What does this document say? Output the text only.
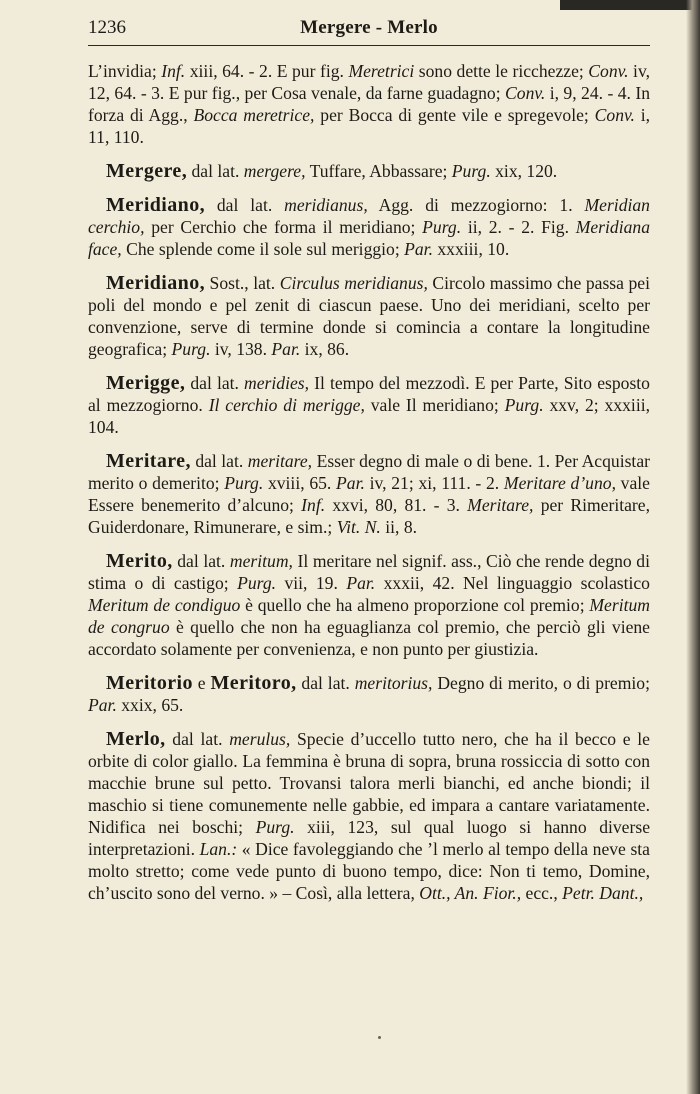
1236	Mergere - Merlo

L’invidia; Inf. xiii, 64. - 2. E pur fig. Meretrici sono dette le ricchezze; Conv. iv, 12, 64. - 3. E pur fig., per Cosa venale, da farne guadagno; Conv. i, 9, 24. - 4. In forza di Agg., Bocca meretrice, per Bocca di gente vile e spregevole; Conv. i, 11, 110.

Mergere, dal lat. mergere, Tuffare, Abbassare; Purg. xix, 120.

Meridiano, dal lat. meridianus, Agg. di mezzogiorno: 1. Meridian cerchio, per Cerchio che forma il meridiano; Purg. ii, 2. - 2. Fig. Meridiana face, Che splende come il sole sul meriggio; Par. xxxiii, 10.

Meridiano, Sost., lat. Circulus meridianus, Circolo massimo che passa pei poli del mondo e pel zenit di ciascun paese. Uno dei meridiani, scelto per convenzione, serve di termine donde si comincia a contare la longitudine geografica; Purg. iv, 138. Par. ix, 86.

Merigge, dal lat. meridies, Il tempo del mezzodì. E per Parte, Sito esposto al mezzogiorno. Il cerchio di merigge, vale Il meridiano; Purg. xxv, 2; xxxiii, 104.

Meritare, dal lat. meritare, Esser degno di male o di bene. 1. Per Acquistar merito o demerito; Purg. xviii, 65. Par. iv, 21; xi, 111. - 2. Meritare d’uno, vale Essere benemerito d’alcuno; Inf. xxvi, 80, 81. - 3. Meritare, per Rimeritare, Guiderdonare, Rimunerare, e sim.; Vit. N. ii, 8.

Merito, dal lat. meritum, Il meritare nel signif. ass., Ciò che rende degno di stima o di castigo; Purg. vii, 19. Par. xxxii, 42. Nel linguaggio scolastico Meritum de condiguo è quello che ha almeno proporzione col premio; Meritum de congruo è quello che non ha eguaglianza col premio, che perciò gli viene accordato solamente per convenienza, e non punto per giustizia.

Meritorio e Meritoro, dal lat. meritorius, Degno di merito, o di premio; Par. xxix, 65.

Merlo, dal lat. merulus, Specie d’uccello tutto nero, che ha il becco e le orbite di color giallo. La femmina è bruna di sopra, bruna rossiccia di sotto con macchie brune sul petto. Trovansi talora merli bianchi, ed anche biondi; il maschio si tiene comunemente nelle gabbie, ed impara a cantare variatamente. Nidifica nei boschi; Purg. xiii, 123, sul qual luogo si hanno diverse interpretazioni. Lan.: « Dice favoleggiando che ’l merlo al tempo della neve sta molto stretto; come vede punto di buono tempo, dice: Non ti temo, Domine, ch’uscito sono del verno. » – Così, alla lettera, Ott., An. Fior., ecc., Petr. Dant.,
